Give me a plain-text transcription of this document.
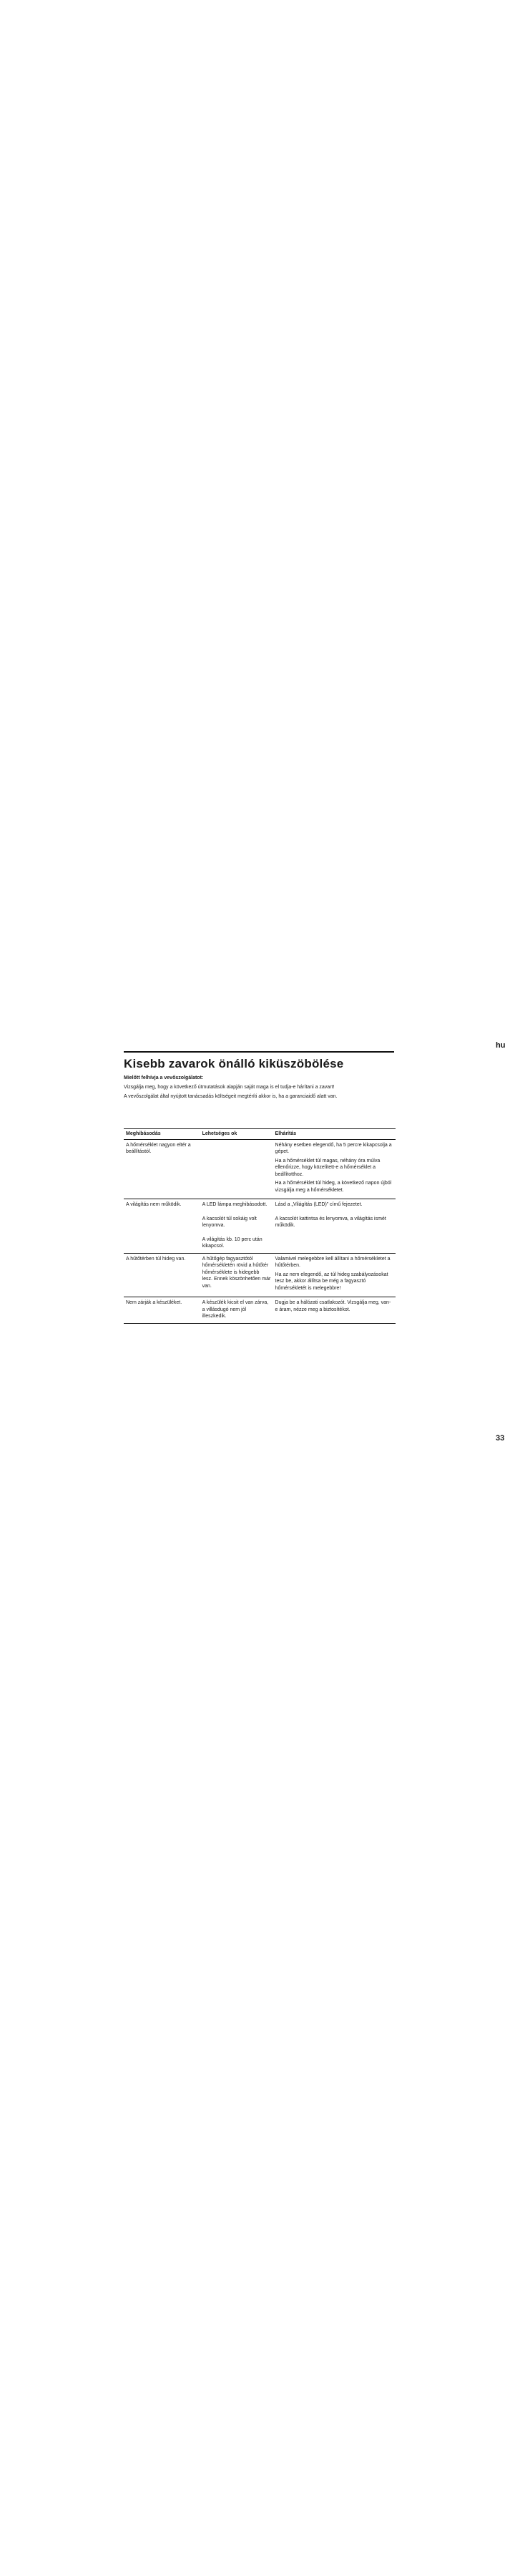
hu
Kisebb zavarok önálló kiküszöbölése

Mielőtt felhívja a vevőszolgálatot:

Vizsgálja meg, hogy a következő útmutatások alapján saját maga is el tudja-e hárítani a zavart!

A vevőszolgálat által nyújtott tanácsadás költségeit megtéríti akkor is, ha a garanciaidő alatt van.

Meghibásodás	Lehetséges ok	Elhárítás
A hőmérséklet nagyon eltér a beállítástól.		Néhány esetben elegendő, ha 5 percre kikapcsolja a gépet.

Ha a hőmérséklet túl magas, néhány óra múlva ellenőrizze, hogy közelített-e a hőmérséklet a beállítotthoz.

Ha a hőmérséklet túl hideg, a következő napon újból vizsgálja meg a hőmérsékletet.

A világítás nem működik.	A LED lámpa meghibásodott.	Lásd a „Világítás (LED)” című fejezetet.

	A kacsolót túl sokáig volt lenyomva.	A kacsolót kattintsa és lenyomva, a világítás ismét működik.

	A világítás kb. 10 perc után kikapcsol.	
A hűtőtérben túl hideg van.	A hűtőgép fagyasztótól hőmérsékletén rövid a hűtőtér hőmérséklete is hidegebb lesz. Ennek köszönhetően már van.	Valamivel melegebbre kell állítani a hőmérsékletet a hűtőtérben.

Ha az nem elegendő, az túl hideg szabályozásokat tesz be, akkor állítsa be még a fagyasztó hőmérsékletét is melegebbre!

Nem zárják a készüléket.	A készülék kicsit el van zárva, a villásdugó nem jól illeszkedik.	Dugja be a hálózati csatlakozót. Vizsgálja meg, van-e áram, nézze meg a biztosítékot.

33
